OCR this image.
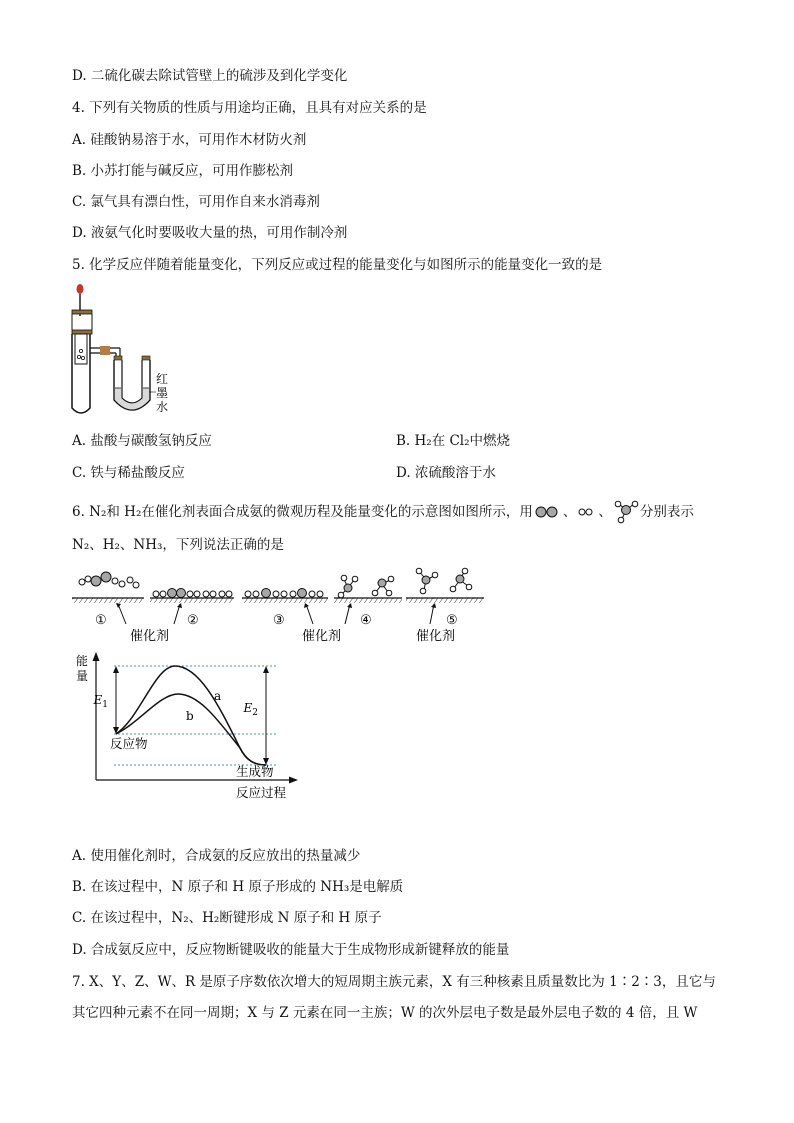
D. 二硫化碳去除试管壁上的硫涉及到化学变化
4. 下列有关物质的性质与用途均正确，且具有对应关系的是
A. 硅酸钠易溶于水，可用作木材防火剂
B. 小苏打能与碱反应，可用作膨松剂
C. 氯气具有漂白性，可用作自来水消毒剂
D. 液氨气化时要吸收大量的热，可用作制冷剂
5. 化学反应伴随着能量变化，下列反应或过程的能量变化与如图所示的能量变化一致的是
红
墨
水
A. 盐酸与碳酸氢钠反应	B. H₂在 Cl₂中燃烧
C. 铁与稀盐酸反应	D. 浓硫酸溶于水
6. N₂和 H₂在催化剂表面合成氨的微观历程及能量变化的示意图如图所示，用 、 、 分别表示
N₂、H₂、NH₃，下列说法正确的是
①	②	③	④	⑤
催化剂	催化剂	催化剂
能
量
反应过程
a
b
$E_1$	$E_2$
反应物
生成物
A. 使用催化剂时，合成氨的反应放出的热量减少
B. 在该过程中，N 原子和 H 原子形成的 NH₃是电解质
C. 在该过程中，N₂、H₂断键形成 N 原子和 H 原子
D. 合成氨反应中，反应物断键吸收的能量大于生成物形成新键释放的能量
7. X、Y、Z、W、R 是原子序数依次增大的短周期主族元素，X 有三种核素且质量数比为 1∶2∶3，且它与
其它四种元素不在同一周期；X 与 Z 元素在同一主族；W 的次外层电子数是最外层电子数的 4 倍，且 W
